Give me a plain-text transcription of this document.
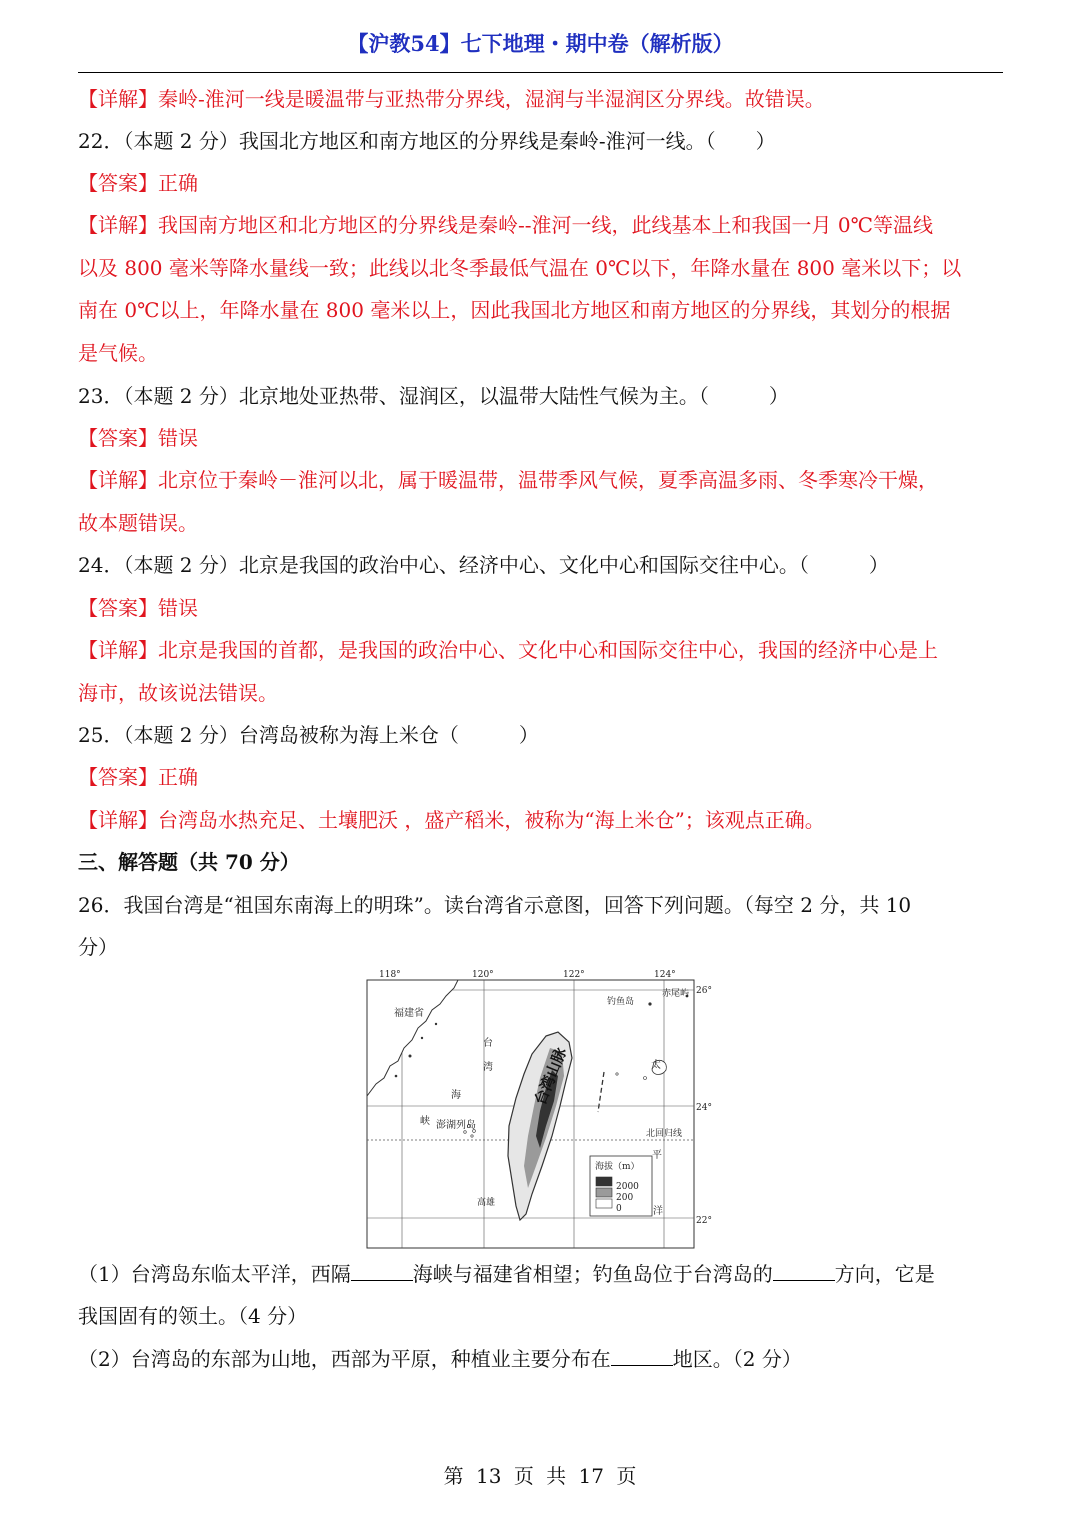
【沪教54】七下地理・期中卷（解析版）
【详解】秦岭-淮河一线是暖温带与亚热带分界线，湿润与半湿润区分界线。故错误。
22．（本题 2 分）我国北方地区和南方地区的分界线是秦岭-淮河一线。（　　）
【答案】正确
【详解】我国南方地区和北方地区的分界线是秦岭--淮河一线，此线基本上和我国一月 0℃等温线
以及 800 毫米等降水量线一致；此线以北冬季最低气温在 0℃以下，年降水量在 800 毫米以下；以
南在 0℃以上，年降水量在 800 毫米以上，因此我国北方地区和南方地区的分界线，其划分的根据
是气候。
23．（本题 2 分）北京地处亚热带、湿润区，以温带大陆性气候为主。（　　　）
【答案】错误
【详解】北京位于秦岭－淮河以北，属于暖温带，温带季风气候，夏季高温多雨、冬季寒冷干燥，
故本题错误。
24．（本题 2 分）北京是我国的政治中心、经济中心、文化中心和国际交往中心。（　　　）
【答案】错误
【详解】北京是我国的首都，是我国的政治中心、文化中心和国际交往中心，我国的经济中心是上
海市，故该说法错误。
25．（本题 2 分）台湾岛被称为海上米仓（　　　）
【答案】正确
【详解】台湾岛水热充足、土壤肥沃 ，盛产稻米，被称为“海上米仓”；该观点正确。
三、解答题（共 70 分）
26．我国台湾是“祖国东南海上的明珠”。读台湾省示意图，回答下列问题。（每空 2 分，共 10
分）
118°	120°	122°	124°
26°
24°
22°
钓鱼岛
赤尾屿
福建省
台
湾
海
峡 澎湖列岛
北回归线
太
平
洋
高雄
台湾山脉
海拔（m）
2000
200
0
（1）台湾岛东临太平洋，西隔	海峡与福建省相望；钓鱼岛位于台湾岛的	方向，它是
我国固有的领土。（4 分）
（2）台湾岛的东部为山地，西部为平原，种植业主要分布在	地区。（2 分）
第 13 页 共 17 页
